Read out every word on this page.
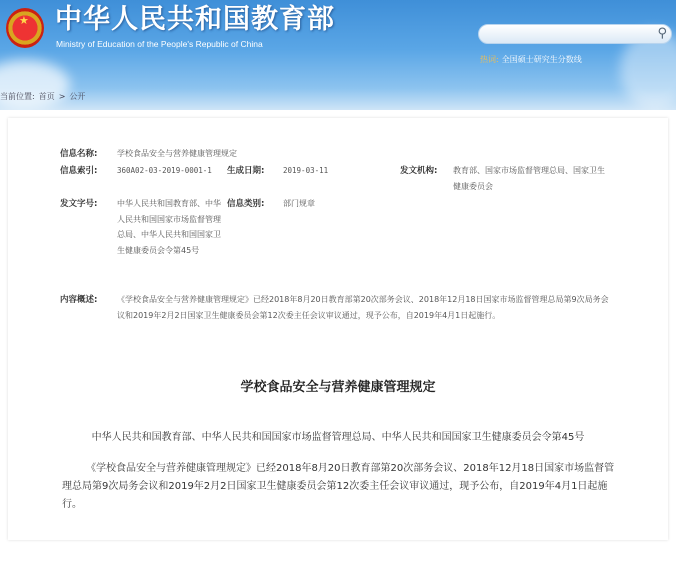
★ 中华人民共和国教育部
Ministry of Education of the People's Republic of China
⚲
热词: 全国硕士研究生分数线
当前位置: 首页 > 公开
信息名称: 学校食品安全与营养健康管理规定
信息索引:	360A02-03-2019-0001-1 生成日期: 2019-03-11	发文机构: 教育部、国家市场监督管理总局、国家卫生健康委员会
发文字号: 中华人民共和国教育部、中华人民共和国国家市场监督管理总局、中华人民共和国国家卫生健康委员会令第45号
信息类别: 部门规章
内容概述: 《学校食品安全与营养健康管理规定》已经2018年8月20日教育部第20次部务会议、2018年12月18日国家市场监督管理总局第9次局务会议和2019年2月2日国家卫生健康委员会第12次委主任会议审议通过，现予公布，自2019年4月1日起施行。
学校食品安全与营养健康管理规定
中华人民共和国教育部、中华人民共和国国家市场监督管理总局、中华人民共和国国家卫生健康委员会令第45号
《学校食品安全与营养健康管理规定》已经2018年8月20日教育部第20次部务会议、2018年12月18日国家市场监督管理总局第9次局务会议和2019年2月2日国家卫生健康委员会第12次委主任会议审议通过，现予公布，自2019年4月1日起施行。
